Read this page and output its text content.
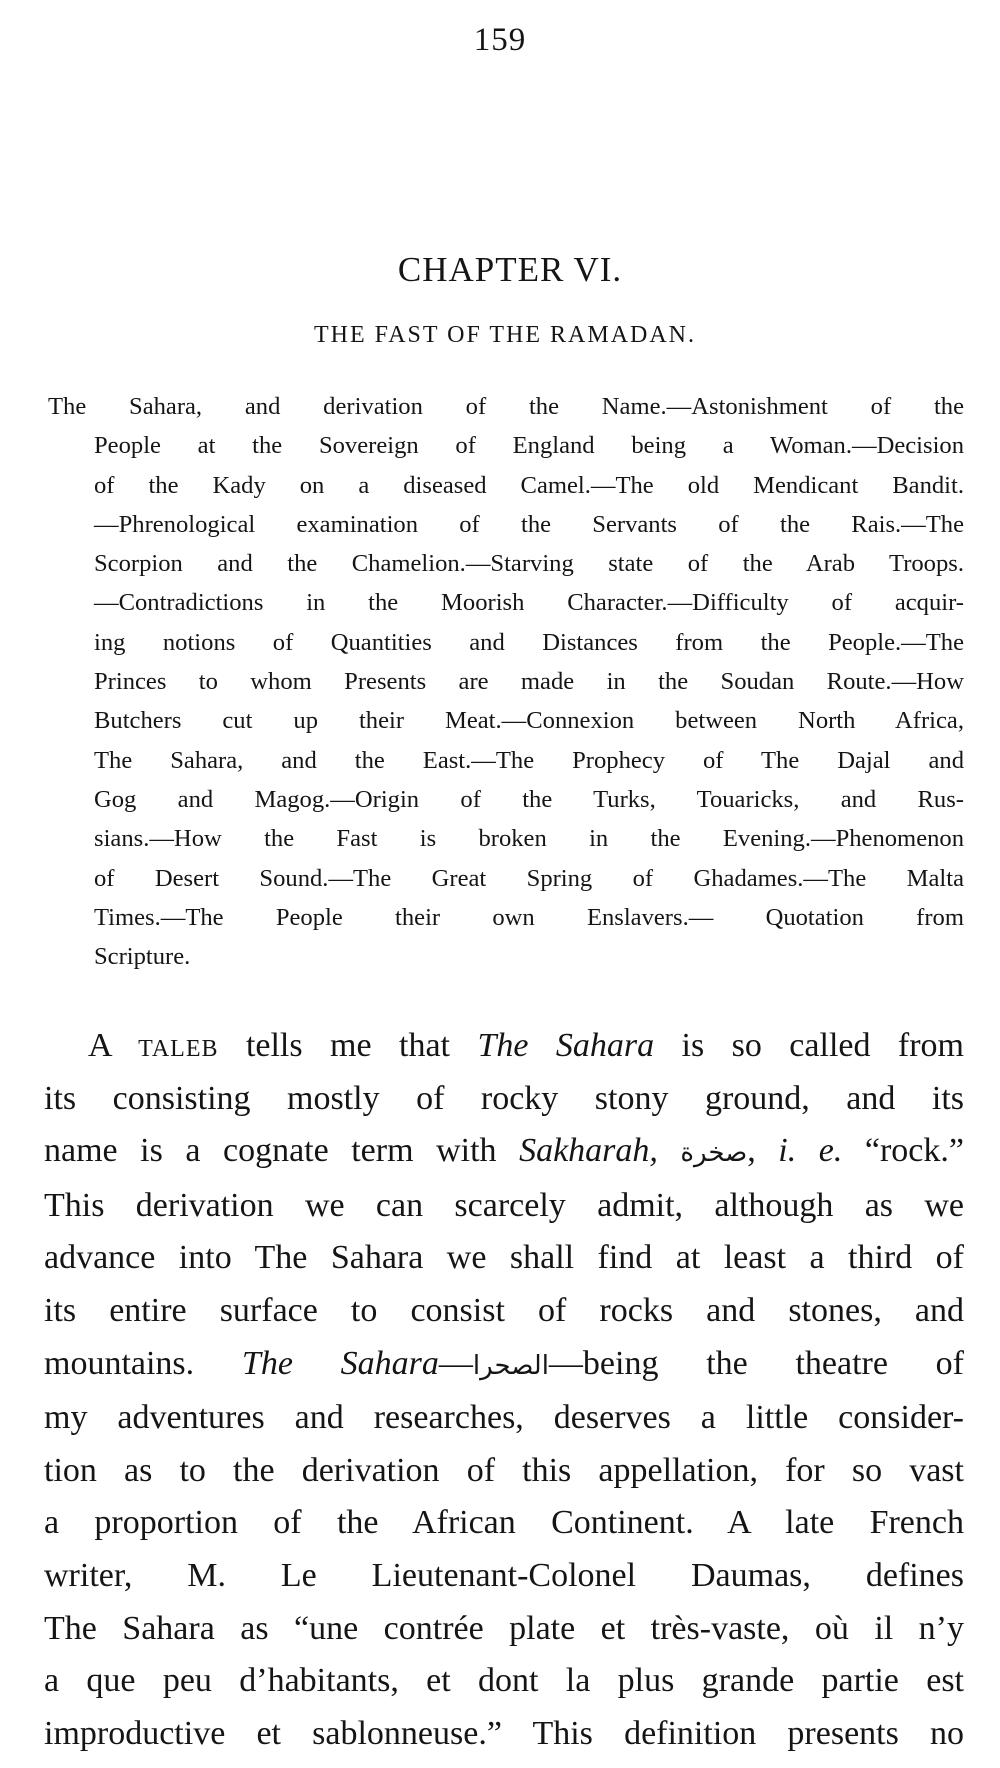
159
CHAPTER VI.
THE FAST OF THE RAMADAN.
The Sahara, and derivation of the Name.—Astonishment of the
People at the Sovereign of England being a Woman.—Decision
of the Kady on a diseased Camel.—The old Mendicant Bandit.
—Phrenological examination of the Servants of the Rais.—The
Scorpion and the Chamelion.—Starving state of the Arab Troops.
—Contradictions in the Moorish Character.—Difficulty of acquir-
ing notions of Quantities and Distances from the People.—The
Princes to whom Presents are made in the Soudan Route.—How
Butchers cut up their Meat.—Connexion between North Africa,
The Sahara, and the East.—The Prophecy of The Dajal and
Gog and Magog.—Origin of the Turks, Touaricks, and Rus-
sians.—How the Fast is broken in the Evening.—Phenomenon
of Desert Sound.—The Great Spring of Ghadames.—The Malta
Times.—The People their own Enslavers.— Quotation from
Scripture.
A taleb tells me that The Sahara is so called from
its consisting mostly of rocky stony ground, and its
name is a cognate term with Sakharah, صخرة, i. e. “rock.”
This derivation we can scarcely admit, although as we
advance into The Sahara we shall find at least a third of
its entire surface to consist of rocks and stones, and
mountains. The Sahara—الصحرا—being the theatre of
my adventures and researches, deserves a little consider-
tion as to the derivation of this appellation, for so vast
a proportion of the African Continent. A late French
writer, M. Le Lieutenant-Colonel Daumas, defines
The Sahara as “une contrée plate et très-vaste, où il n’y
a que peu d’habitants, et dont la plus grande partie est
improductive et sablonneuse.” This definition presents no
